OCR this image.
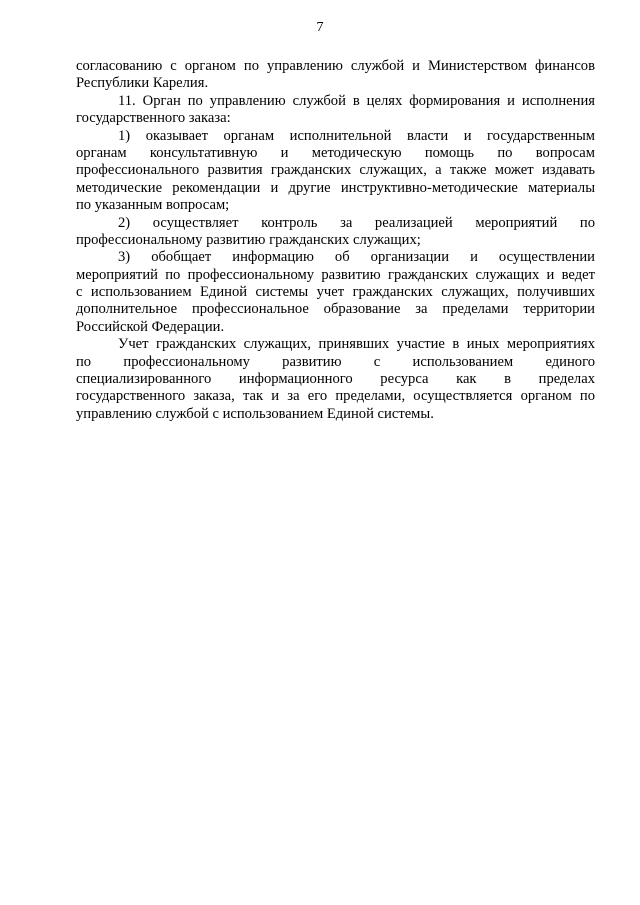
7
согласованию с органом по управлению службой и Министерством финансов
Республики Карелия.
11. Орган по управлению службой в целях формирования и исполнения
государственного заказа:
1) оказывает органам исполнительной власти и государственным
органам консультативную и методическую помощь по вопросам
профессионального развития гражданских служащих, а также может издавать
методические рекомендации и другие инструктивно-методические материалы
по указанным вопросам;
2) осуществляет контроль за реализацией мероприятий по
профессиональному развитию гражданских служащих;
3) обобщает информацию об организации и осуществлении
мероприятий по профессиональному развитию гражданских служащих и ведет
с использованием Единой системы учет гражданских служащих, получивших
дополнительное профессиональное образование за пределами территории
Российской Федерации.
Учет гражданских служащих, принявших участие в иных мероприятиях
по профессиональному развитию с использованием единого
специализированного информационного ресурса как в пределах
государственного заказа, так и за его пределами, осуществляется органом по
управлению службой с использованием Единой системы.
